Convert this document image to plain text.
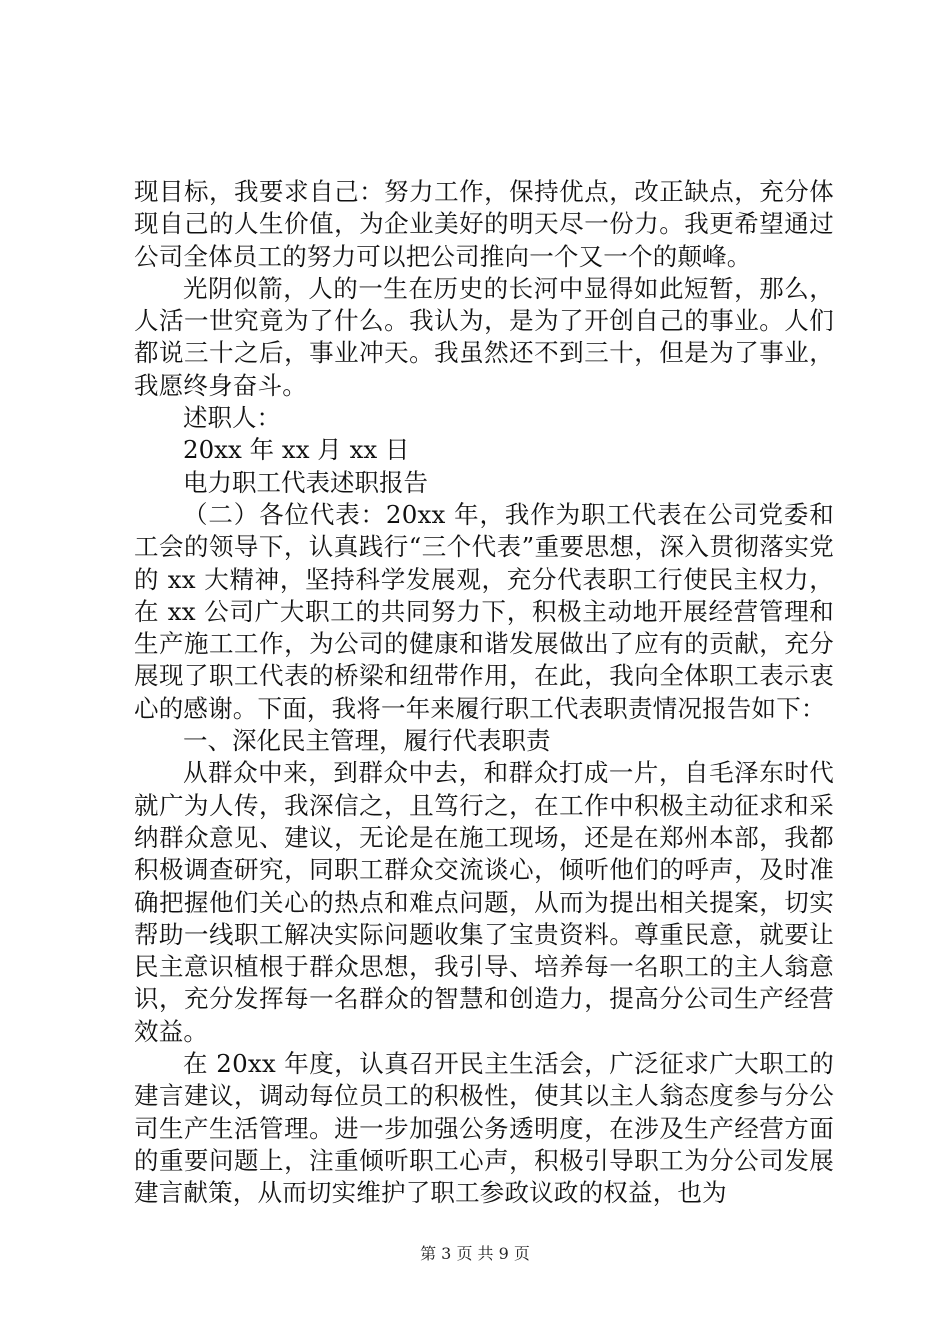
现目标，我要求自己：努力工作，保持优点，改正缺点，充分体现自己的人生价值，为企业美好的明天尽一份力。我更希望通过公司全体员工的努力可以把公司推向一个又一个的颠峰。

光阴似箭，人的一生在历史的长河中显得如此短暂，那么，人活一世究竟为了什么。我认为，是为了开创自己的事业。人们都说三十之后，事业冲天。我虽然还不到三十，但是为了事业，我愿终身奋斗。

述职人：

20xx 年 xx 月 xx 日

电力职工代表述职报告

（二）各位代表：20xx 年，我作为职工代表在公司党委和工会的领导下，认真践行“三个代表”重要思想，深入贯彻落实党的 xx 大精神，坚持科学发展观，充分代表职工行使民主权力，在 xx 公司广大职工的共同努力下，积极主动地开展经营管理和生产施工工作，为公司的健康和谐发展做出了应有的贡献，充分展现了职工代表的桥梁和纽带作用，在此，我向全体职工表示衷心的感谢。下面，我将一年来履行职工代表职责情况报告如下：

一、深化民主管理，履行代表职责

从群众中来，到群众中去，和群众打成一片，自毛泽东时代就广为人传，我深信之，且笃行之，在工作中积极主动征求和采纳群众意见、建议，无论是在施工现场，还是在郑州本部，我都积极调查研究，同职工群众交流谈心，倾听他们的呼声，及时准确把握他们关心的热点和难点问题，从而为提出相关提案，切实帮助一线职工解决实际问题收集了宝贵资料。尊重民意，就要让民主意识植根于群众思想，我引导、培养每一名职工的主人翁意识，充分发挥每一名群众的智慧和创造力，提高分公司生产经营效益。

在 20xx 年度，认真召开民主生活会，广泛征求广大职工的建言建议，调动每位员工的积极性，使其以主人翁态度参与分公司生产生活管理。进一步加强公务透明度，在涉及生产经营方面的重要问题上，注重倾听职工心声，积极引导职工为分公司发展建言献策，从而切实维护了职工参政议政的权益，也为

第 3 页 共 9 页
